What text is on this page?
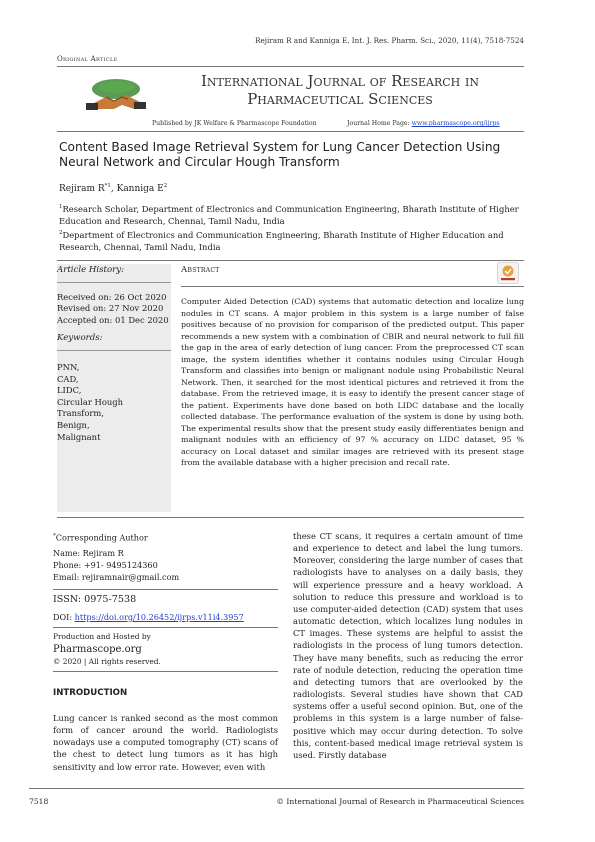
Rejiram R and Kanniga E, Int. J. Res. Pharm. Sci., 2020, 11(4), 7518-7524
Original Article
International Journal of Research in Pharmaceutical Sciences
Published by JK Welfare & Pharmascope Foundation	Journal Home Page: www.pharmascope.org/ijrps
Content Based Image Retrieval System for Lung Cancer Detection Using Neural Network and Circular Hough Transform
Rejiram $R^{*1}$, Kanniga $E^2$
$^1$Research Scholar, Department of Electronics and Communication Engineering, Bharath Institute of Higher Education and Research, Chennai, Tamil Nadu, India
$^2$Department of Electronics and Communication Engineering, Bharath Institute of Higher Education and Research, Chennai, Tamil Nadu, India
Article History:
Received on: 26 Oct 2020
Revised on: 27 Nov 2020
Accepted on: 01 Dec 2020
Keywords:
PNN,
CAD,
LIDC,
Circular Hough
Transform,
Benign,
Malignant
Abstract
Computer Aided Detection (CAD) systems that automatic detection and localize lung nodules in CT scans. A major problem in this system is a large number of false positives because of no provision for comparison of the predicted output. This paper recommends a new system with a combination of CBIR and neural network to full fill the gap in the area of early detection of lung cancer. From the preprocessed CT scan image, the system identifies whether it contains nodules using Circular Hough Transform and classifies into benign or malignant nodule using Probabilistic Neural Network. Then, it searched for the most identical pictures and retrieved it from the database. From the retrieved image, it is easy to identify the present cancer stage of the patient. Experiments have done based on both LIDC database and the locally collected database. The performance evaluation of the system is done by using both. The experimental results show that the present study easily differentiates benign and malignant nodules with an efficiency of 97 % accuracy on LIDC dataset, 95 % accuracy on Local dataset and similar images are retrieved with its present stage from the available database with a higher precision and recall rate.
*Corresponding Author
Name: Rejiram R
Phone: +91- 9495124360
Email: rejiramnair@gmail.com
ISSN: 0975-7538
DOI: https://doi.org/10.26452/ijrps.v11i4.3957
Production and Hosted by
Pharmascope.org
© 2020 | All rights reserved.
INTRODUCTION
Lung cancer is ranked second as the most common form of cancer around the world. Radiologists nowadays use a computed tomography (CT) scans of the chest to detect lung tumors as it has high sensitivity and low error rate. However, even with
these CT scans, it requires a certain amount of time and experience to detect and label the lung tumors. Moreover, considering the large number of cases that radiologists have to analyses on a daily basis, they will experience pressure and a heavy workload. A solution to reduce this pressure and workload is to use computer-aided detection (CAD) system that uses automatic detection, which localizes lung nodules in CT images. These systems are helpful to assist the radiologists in the process of lung tumors detection. They have many benefits, such as reducing the error rate of nodule detection, reducing the operation time and detecting tumors that are overlooked by the radiologists. Several studies have shown that CAD systems offer a useful second opinion. But, one of the problems in this system is a large number of false-positive which may occur during detection. To solve this, content-based medical image retrieval system is used. Firstly database
7518	© International Journal of Research in Pharmaceutical Sciences
